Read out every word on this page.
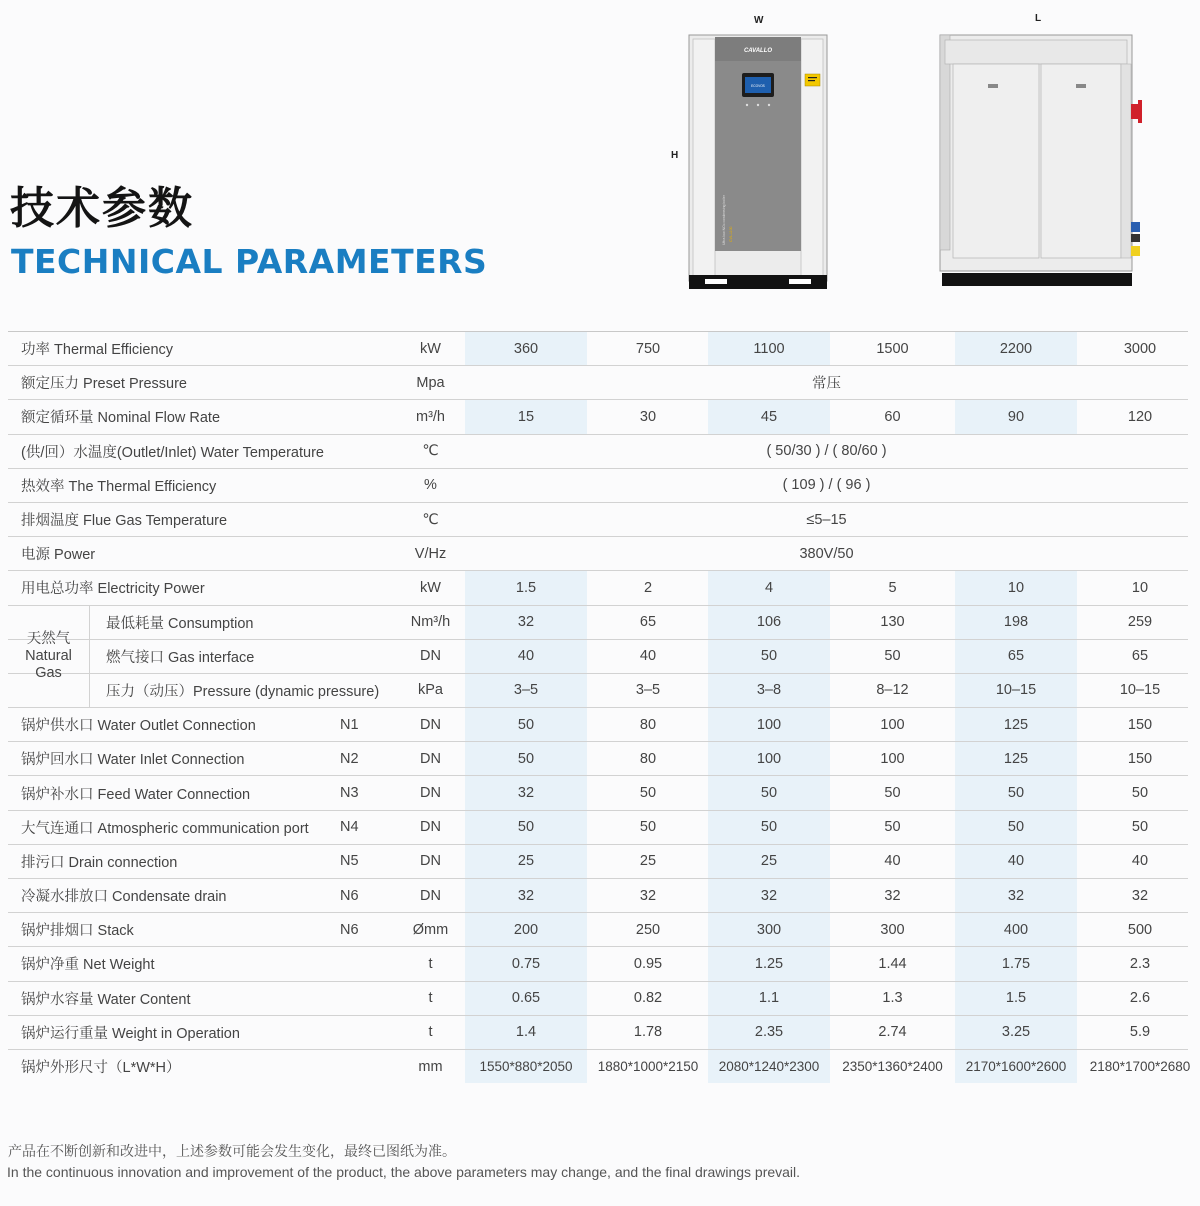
技术参数
TECHNICAL PARAMETERS
W
H
CAVALLO
ECOVOS
Ultra low NOx condensing boiler CVL-1100
L
功率 Thermal Efficiency	kW	360	750	1100	1500	2200	3000
额定压力 Preset Pressure	Mpa	常压
额定循环量 Nominal Flow Rate	m³/h	15	30	45	60	90	120
(供/回）水温度(Outlet/Inlet) Water Temperature	℃	( 50/30 ) / ( 80/60 )
热效率 The Thermal Efficiency	%	( 109 ) / ( 96 )
排烟温度 Flue Gas Temperature	℃	≤5–15
电源 Power	V/Hz	380V/50
用电总功率 Electricity Power	kW	1.5	2	4	5	10	10
最低耗量 Consumption	Nm³/h	32	65	106	130	198	259
燃气接口 Gas interface	DN	40	40	50	50	65	65
压力（动压）Pressure (dynamic pressure)	kPa	3–5	3–5	3–8	8–12	10–15	10–15
锅炉供水口 Water Outlet Connection	N1	DN	50	80	100	100	125	150
锅炉回水口 Water Inlet Connection	N2	DN	50	80	100	100	125	150
锅炉补水口 Feed Water Connection	N3	DN	32	50	50	50	50	50
大气连通口 Atmospheric communication port N4	DN	50	50	50	50	50	50
排污口 Drain connection	N5	DN	25	25	25	40	40	40
冷凝水排放口 Condensate drain	N6	DN	32	32	32	32	32	32
锅炉排烟口 Stack	N6	Ømm	200	250	300	300	400	500
锅炉净重 Net Weight	t	0.75	0.95	1.25	1.44	1.75	2.3
锅炉水容量 Water Content	t	0.65	0.82	1.1	1.3	1.5	2.6
锅炉运行重量 Weight in Operation	t	1.4	1.78	2.35	2.74	3.25	5.9
锅炉外形尺寸（L*W*H）	mm	1550*880*2050	1880*1000*2150	2080*1240*2300	2350*1360*2400	2170*1600*2600	2180*1700*2680
天然气
Natural
Gas
产品在不断创新和改进中，上述参数可能会发生变化，最终已图纸为准。
In the continuous innovation and improvement of the product, the above parameters may change, and the final drawings prevail.
